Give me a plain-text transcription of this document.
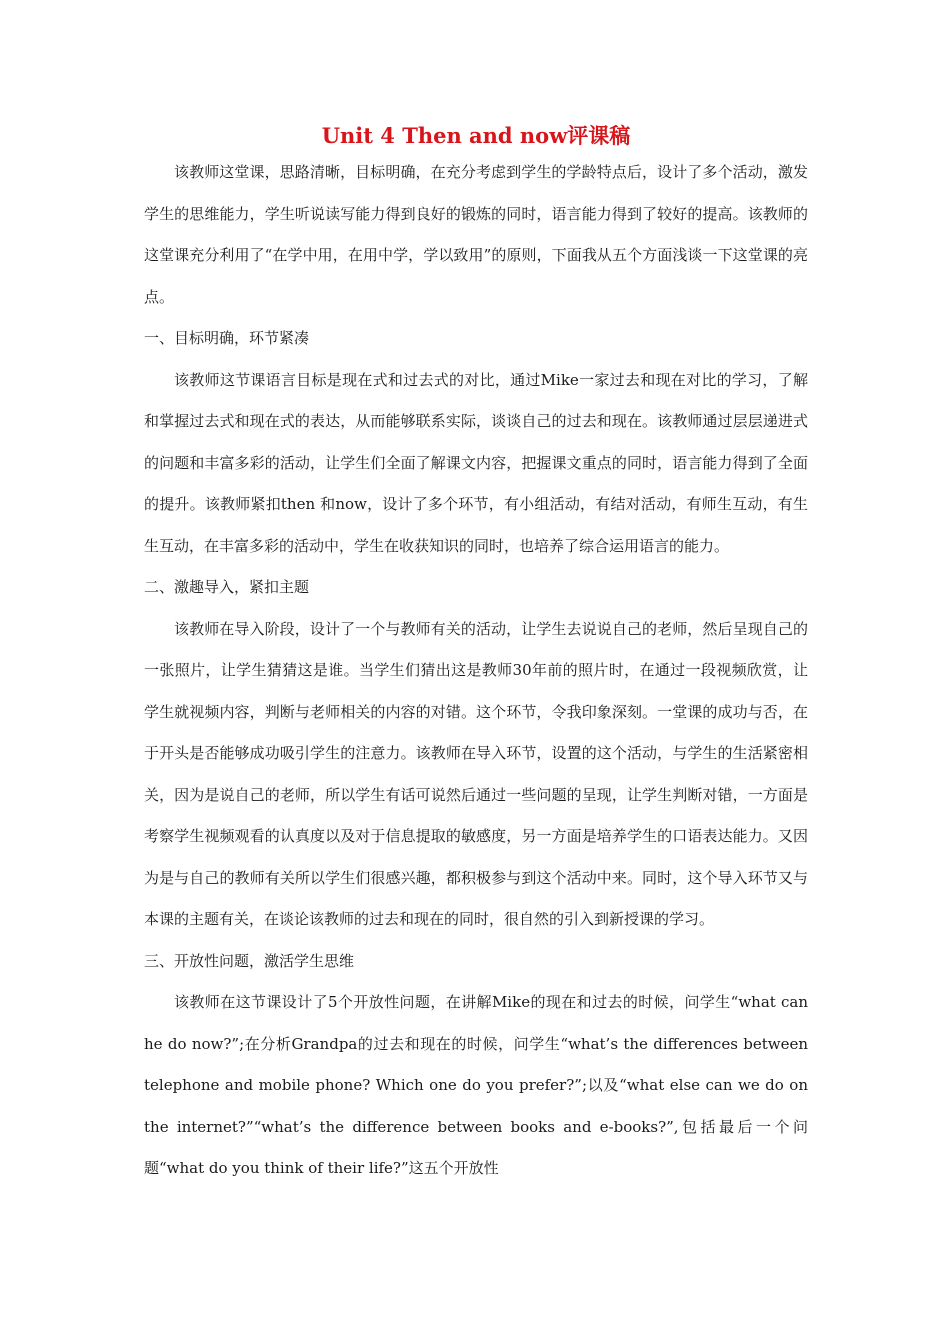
Unit 4 Then and now评课稿

该教师这堂课，思路清晰，目标明确，在充分考虑到学生的学龄特点后，设计了多个活动，激发学生的思维能力，学生听说读写能力得到良好的锻炼的同时，语言能力得到了较好的提高。该教师的这堂课充分利用了“在学中用，在用中学，学以致用”的原则，下面我从五个方面浅谈一下这堂课的亮点。

一、目标明确，环节紧凑

该教师这节课语言目标是现在式和过去式的对比，通过Mike一家过去和现在对比的学习，了解和掌握过去式和现在式的表达，从而能够联系实际，谈谈自己的过去和现在。该教师通过层层递进式的问题和丰富多彩的活动，让学生们全面了解课文内容，把握课文重点的同时，语言能力得到了全面的提升。该教师紧扣then 和now，设计了多个环节，有小组活动，有结对活动，有师生互动，有生生互动，在丰富多彩的活动中，学生在收获知识的同时，也培养了综合运用语言的能力。

二、激趣导入，紧扣主题

该教师在导入阶段，设计了一个与教师有关的活动，让学生去说说自己的老师，然后呈现自己的一张照片，让学生猜猜这是谁。当学生们猜出这是教师30年前的照片时，在通过一段视频欣赏，让学生就视频内容，判断与老师相关的内容的对错。这个环节，令我印象深刻。一堂课的成功与否，在于开头是否能够成功吸引学生的注意力。该教师在导入环节，设置的这个活动，与学生的生活紧密相关，因为是说自己的老师，所以学生有话可说然后通过一些问题的呈现，让学生判断对错，一方面是考察学生视频观看的认真度以及对于信息提取的敏感度，另一方面是培养学生的口语表达能力。又因为是与自己的教师有关所以学生们很感兴趣，都积极参与到这个活动中来。同时，这个导入环节又与本课的主题有关，在谈论该教师的过去和现在的同时，很自然的引入到新授课的学习。

三、开放性问题，激活学生思维

该教师在这节课设计了5个开放性问题，在讲解Mike的现在和过去的时候，问学生“what can he do now?”;在分析Grandpa的过去和现在的时候，问学生“what’s the differences between telephone and mobile phone? Which one do you prefer?”;以及“what else can we do on the internet?”“what’s the difference between books and e-books?”,包括最后一个问题“what do you think of their life?”这五个开放性
